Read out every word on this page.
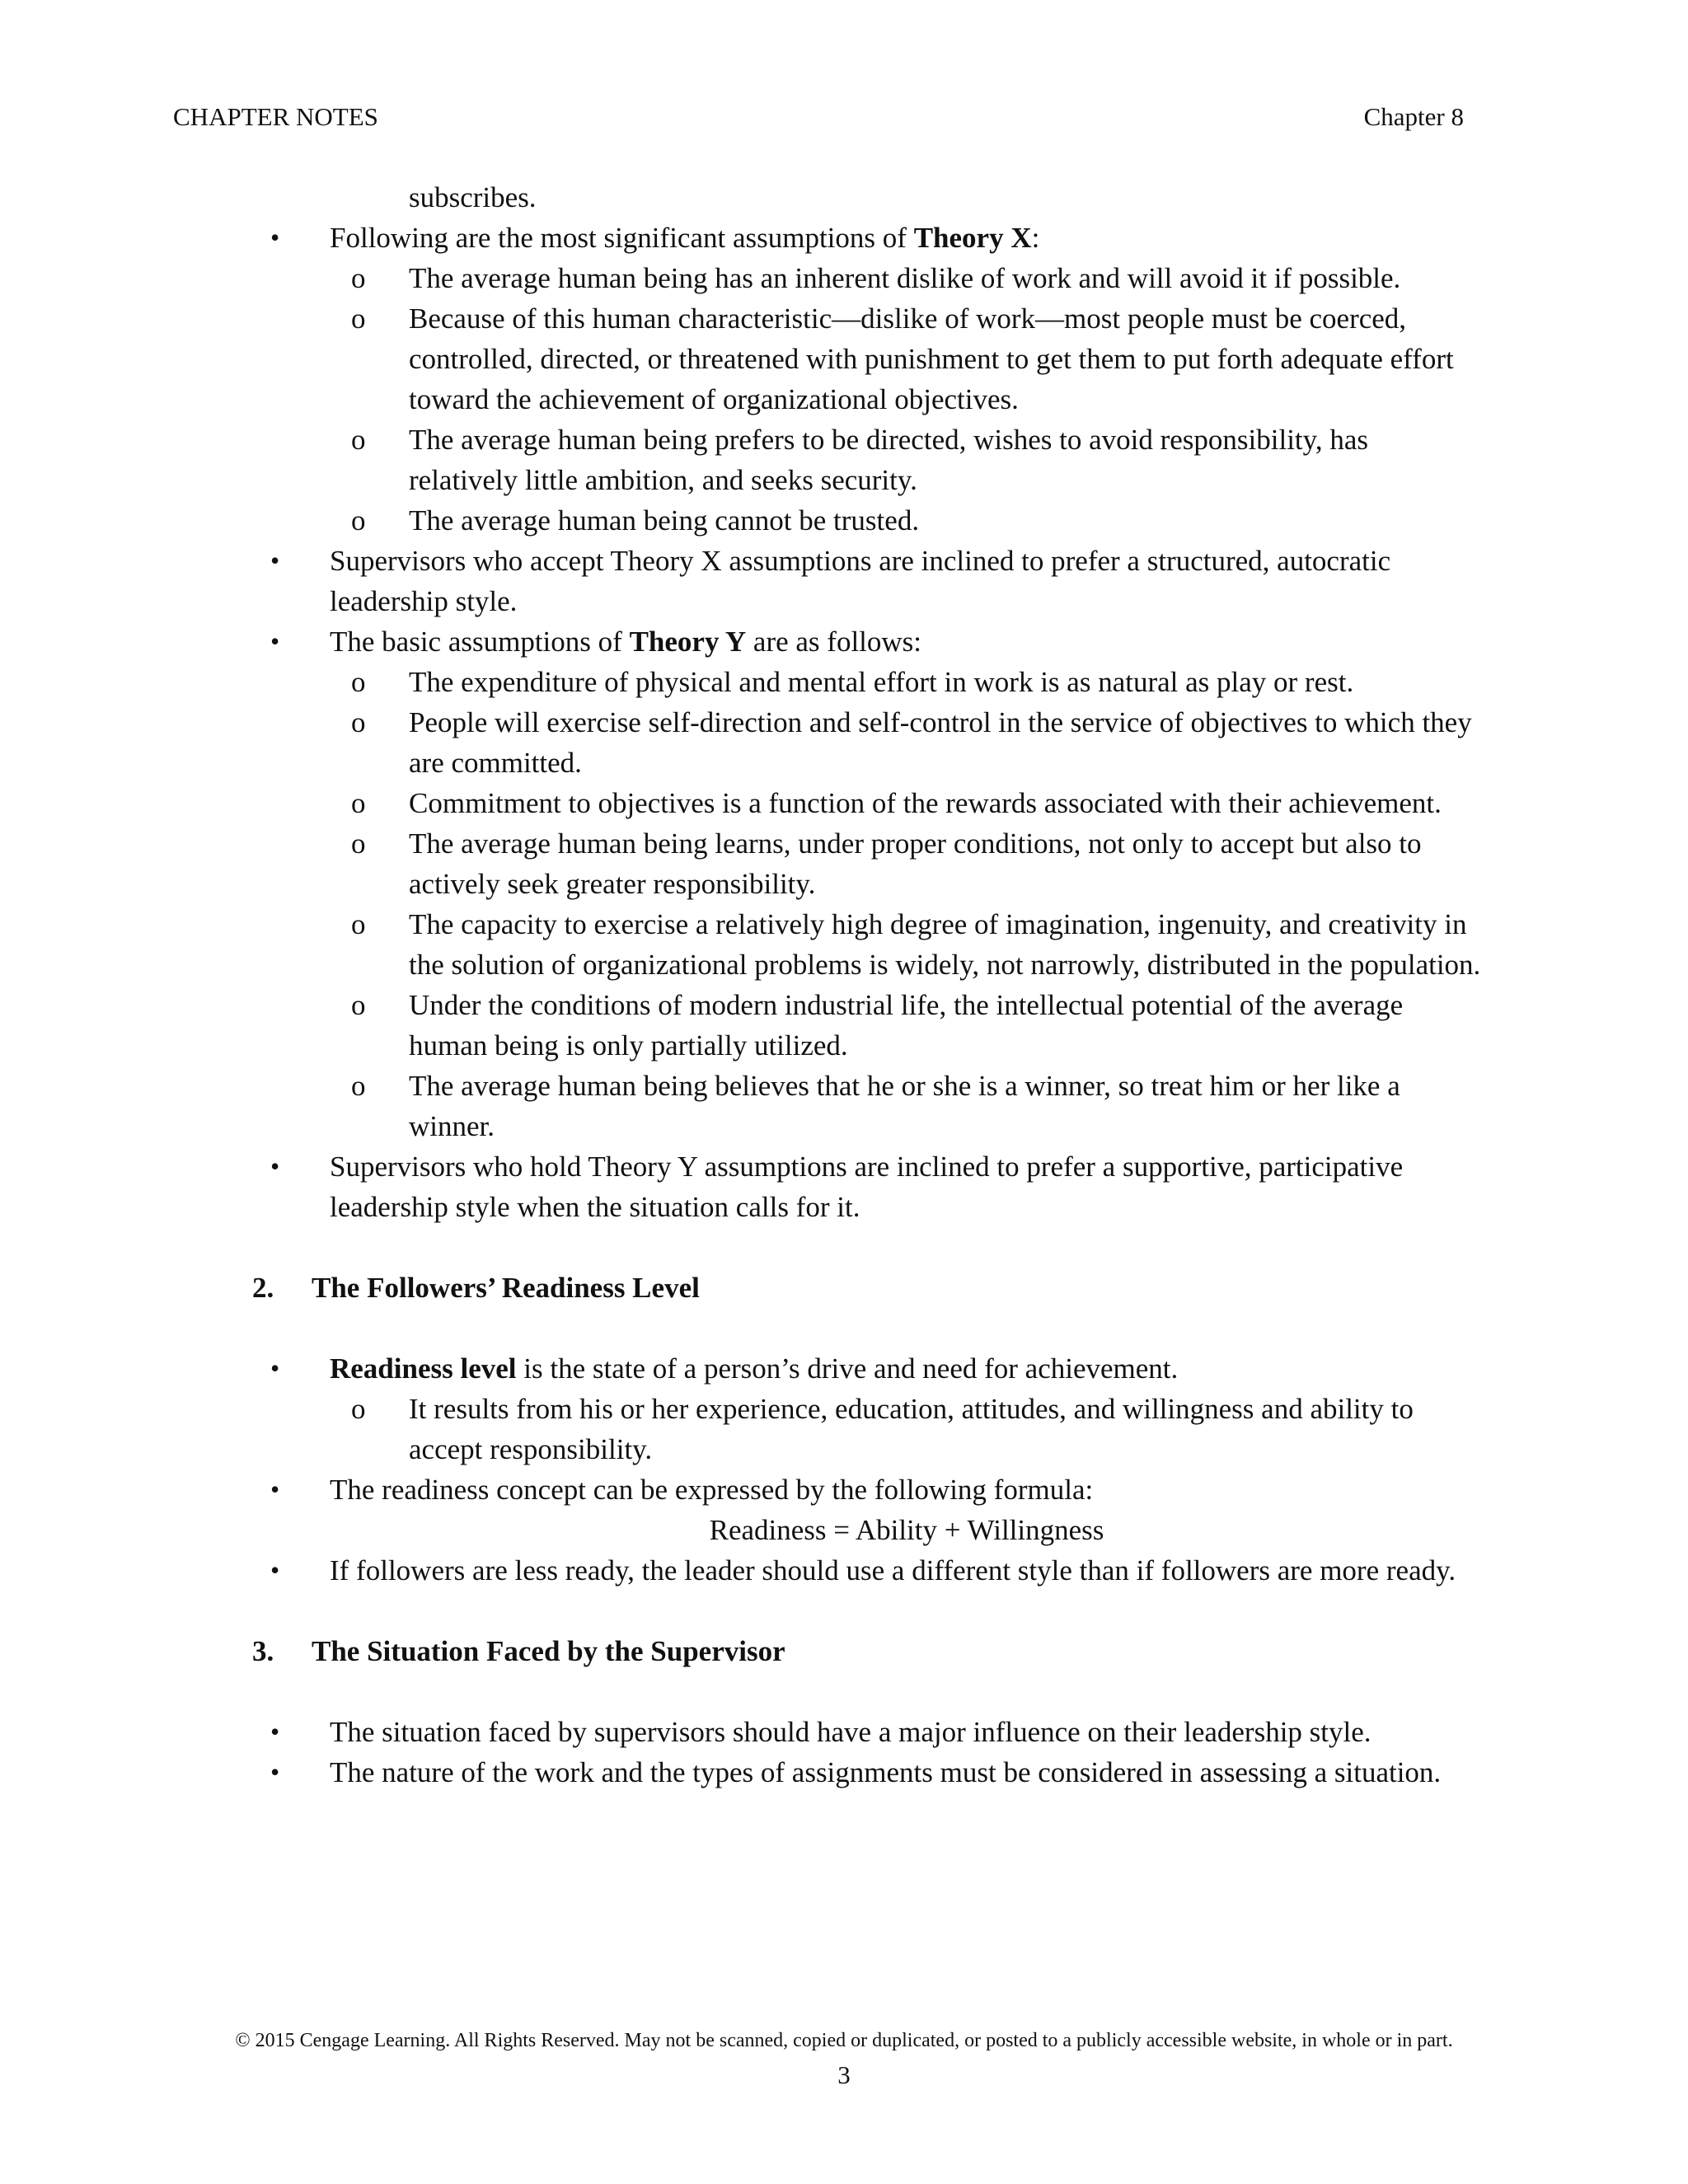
CHAPTER NOTES	Chapter 8

subscribes.

• Following are the most significant assumptions of Theory X:
o The average human being has an inherent dislike of work and will avoid it if possible.
o Because of this human characteristic—dislike of work—most people must be coerced, controlled, directed, or threatened with punishment to get them to put forth adequate effort toward the achievement of organizational objectives.
o The average human being prefers to be directed, wishes to avoid responsibility, has relatively little ambition, and seeks security.
o The average human being cannot be trusted.
• Supervisors who accept Theory X assumptions are inclined to prefer a structured, autocratic leadership style.
• The basic assumptions of Theory Y are as follows:
o The expenditure of physical and mental effort in work is as natural as play or rest.
o People will exercise self-direction and self-control in the service of objectives to which they are committed.
o Commitment to objectives is a function of the rewards associated with their achievement.
o The average human being learns, under proper conditions, not only to accept but also to actively seek greater responsibility.
o The capacity to exercise a relatively high degree of imagination, ingenuity, and creativity in the solution of organizational problems is widely, not narrowly, distributed in the population.
o Under the conditions of modern industrial life, the intellectual potential of the average human being is only partially utilized.
o The average human being believes that he or she is a winner, so treat him or her like a winner.
• Supervisors who hold Theory Y assumptions are inclined to prefer a supportive, participative leadership style when the situation calls for it.
2. The Followers’ Readiness Level
• Readiness level is the state of a person’s drive and need for achievement.
o It results from his or her experience, education, attitudes, and willingness and ability to accept responsibility.
• The readiness concept can be expressed by the following formula:

Readiness = Ability + Willingness

• If followers are less ready, the leader should use a different style than if followers are more ready.
3. The Situation Faced by the Supervisor
• The situation faced by supervisors should have a major influence on their leadership style.
• The nature of the work and the types of assignments must be considered in assessing a situation.
© 2015 Cengage Learning. All Rights Reserved. May not be scanned, copied or duplicated, or posted to a publicly accessible website, in whole or in part.
3
